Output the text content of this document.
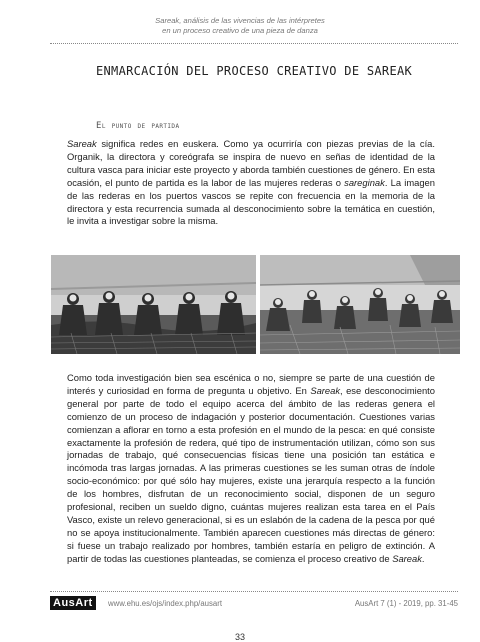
Sareak, análisis de las vivencias de las intérpretes
en un proceso creativo de una pieza de danza
ENMARCACIÓN DEL PROCESO CREATIVO DE SAREAK
El punto de partida

Sareak significa redes en euskera. Como ya ocurriría con piezas previas de la cía. Organik, la directora y coreógrafa se inspira de nuevo en señas de identidad de la cultura vasca para iniciar este proyecto y aborda también cuestiones de género. En esta ocasión, el punto de partida es la labor de las mujeres rederas o sareginak. La imagen de las rederas en los puertos vascos se repite con frecuencia en la memoria de la directora y esta recurrencia sumada al desconocimiento sobre la temática en cuestión, le invita a investigar sobre la misma.

Como toda investigación bien sea escénica o no, siempre se parte de una cuestión de interés y curiosidad en forma de pregunta u objetivo. En Sareak, ese desconocimiento general por parte de todo el equipo acerca del ámbito de las rederas genera el comienzo de un proceso de indagación y posterior documentación. Cuestiones varias comienzan a aflorar en torno a esta profesión en el mundo de la pesca: en qué consiste exactamente la profesión de redera, qué tipo de instrumentación utilizan, cómo son sus jornadas de trabajo, qué consecuencias físicas tiene una posición tan estática e incómoda tras largas jornadas. A las primeras cuestiones se les suman otras de índole socio-económico: por qué sólo hay mujeres, existe una jerarquía respecto a la función de los hombres, disfrutan de un reconocimiento social, disponen de un seguro profesional, reciben un sueldo digno, cuántas mujeres realizan esta tarea en el País Vasco, existe un relevo generacional, si es un eslabón de la cadena de la pesca por qué no se apoya institucionalmente. También aparecen cuestiones más directas de género: si fuese un trabajo realizado por hombres, también estaría en peligro de extinción. A partir de todas las cuestiones planteadas, se comienza el proceso creativo de Sareak.

AusArt	www.ehu.es/ojs/index.php/ausart	AusArt 7 (1) - 2019, pp. 31-45
33
